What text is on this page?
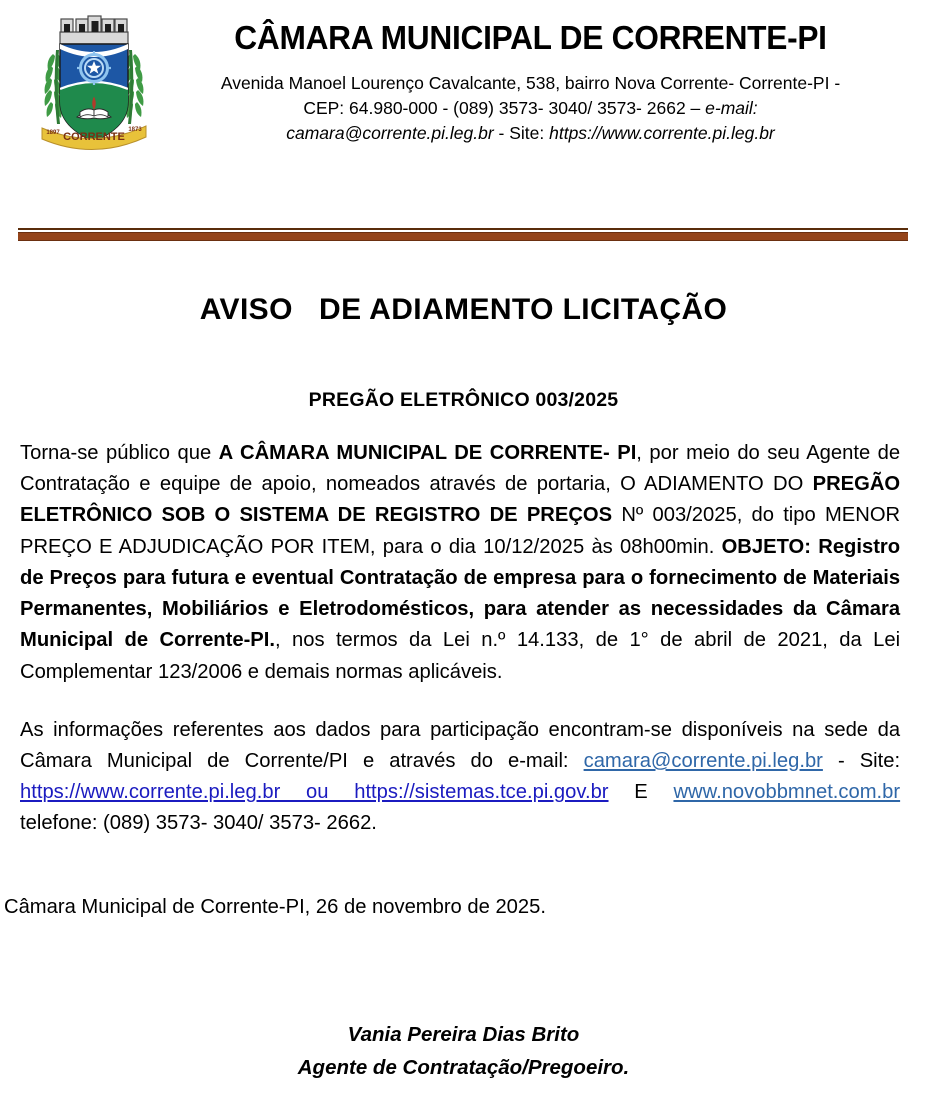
CORRENTE
1897	1873
CÂMARA MUNICIPAL DE CORRENTE-PI
Avenida Manoel Lourenço Cavalcante, 538, bairro Nova Corrente- Corrente-PI -
CEP: 64.980-000 - (089) 3573- 3040/ 3573- 2662 – e-mail:
camara@corrente.pi.leg.br - Site: https://www.corrente.pi.leg.br
AVISO   DE ADIAMENTO LICITAÇÃO
PREGÃO ELETRÔNICO 003/2025

Torna-se público que A CÂMARA MUNICIPAL DE CORRENTE- PI, por meio do seu Agente de Contratação e equipe de apoio, nomeados através de portaria, O ADIAMENTO DO PREGÃO ELETRÔNICO SOB O SISTEMA DE REGISTRO DE PREÇOS Nº 003/2025, do tipo MENOR PREÇO E ADJUDICAÇÃO POR ITEM, para o dia 10/12/2025 às 08h00min. OBJETO: Registro de Preços para futura e eventual Contratação de empresa para o fornecimento de Materiais Permanentes, Mobiliários e Eletrodomésticos, para atender as necessidades da Câmara Municipal de Corrente-PI., nos termos da Lei n.º 14.133, de 1° de abril de 2021, da Lei Complementar 123/2006 e demais normas aplicáveis.

As informações referentes aos dados para participação encontram-se disponíveis na sede da Câmara Municipal de Corrente/PI e através do e-mail: camara@corrente.pi.leg.br - Site: https://www.corrente.pi.leg.br ou https://sistemas.tce.pi.gov.br E www.novobbmnet.com.br telefone: (089) 3573- 3040/ 3573- 2662.

Câmara Municipal de Corrente-PI, 26 de novembro de 2025.

Vania Pereira Dias Brito
Agente de Contratação/Pregoeiro.
